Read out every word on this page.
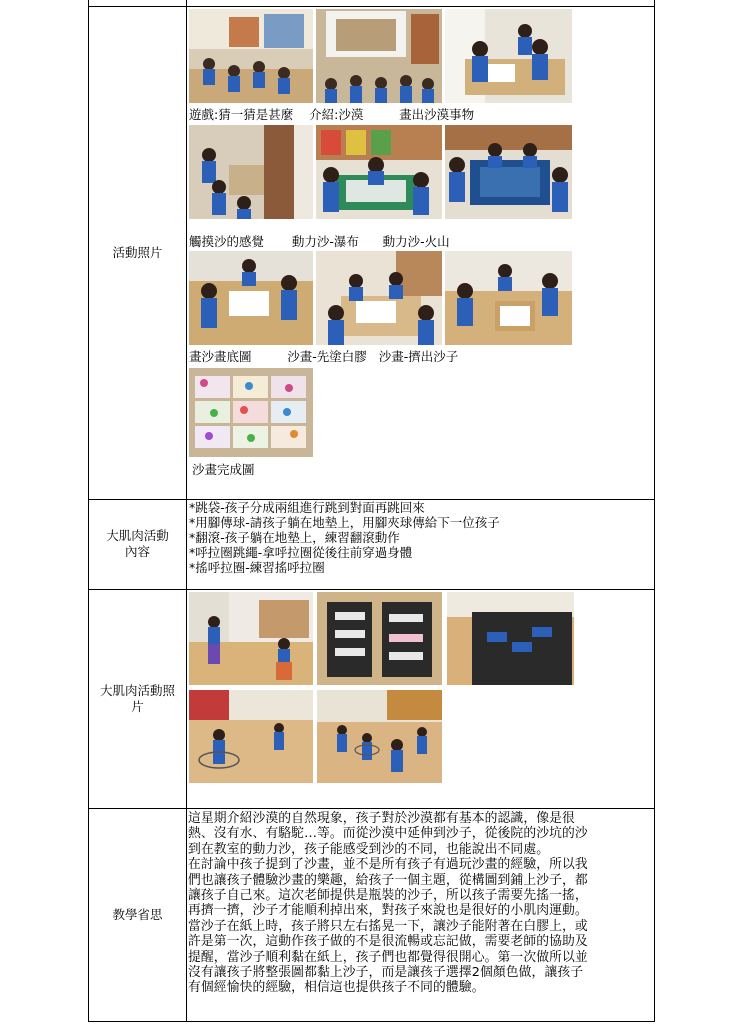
活動照片
遊戲:猜一猜是甚麼    介紹:沙漠         畫出沙漠事物
觸摸沙的感覺       動力沙-瀑布      動力沙-火山
畫沙畫底圖         沙畫-先塗白膠   沙畫-擠出沙子
沙畫完成圖
大肌肉活動
內容
*跳袋-孩子分成兩組進行跳到對面再跳回來
*用腳傳球-請孩子躺在地墊上，用腳夾球傳給下一位孩子
*翻滾-孩子躺在地墊上，練習翻滾動作
*呼拉圈跳繩-拿呼拉圈從後往前穿過身體
*搖呼拉圈-練習搖呼拉圈
大肌肉活動照
片
教學省思
這星期介紹沙漠的自然現象，孩子對於沙漠都有基本的認識，像是很
熱、沒有水、有駱駝…等。而從沙漠中延伸到沙子，從後院的沙坑的沙
到在教室的動力沙，孩子能感受到沙的不同，也能說出不同處。
在討論中孩子提到了沙畫，並不是所有孩子有過玩沙畫的經驗，所以我
們也讓孩子體驗沙畫的樂趣，給孩子一個主題，從構圖到鋪上沙子，都
讓孩子自己來。這次老師提供是瓶裝的沙子，所以孩子需要先搖一搖，
再擠一擠，沙子才能順利掉出來，對孩子來說也是很好的小肌肉運動。
當沙子在紙上時，孩子將只左右搖晃一下，讓沙子能附著在白膠上，或
許是第一次，這動作孩子做的不是很流暢或忘記做，需要老師的協助及
提醒，當沙子順利黏在紙上，孩子們也都覺得很開心。第一次做所以並
沒有讓孩子將整張圖都黏上沙子，而是讓孩子選擇2個顏色做，讓孩子
有個經愉快的經驗，相信這也提供孩子不同的體驗。
